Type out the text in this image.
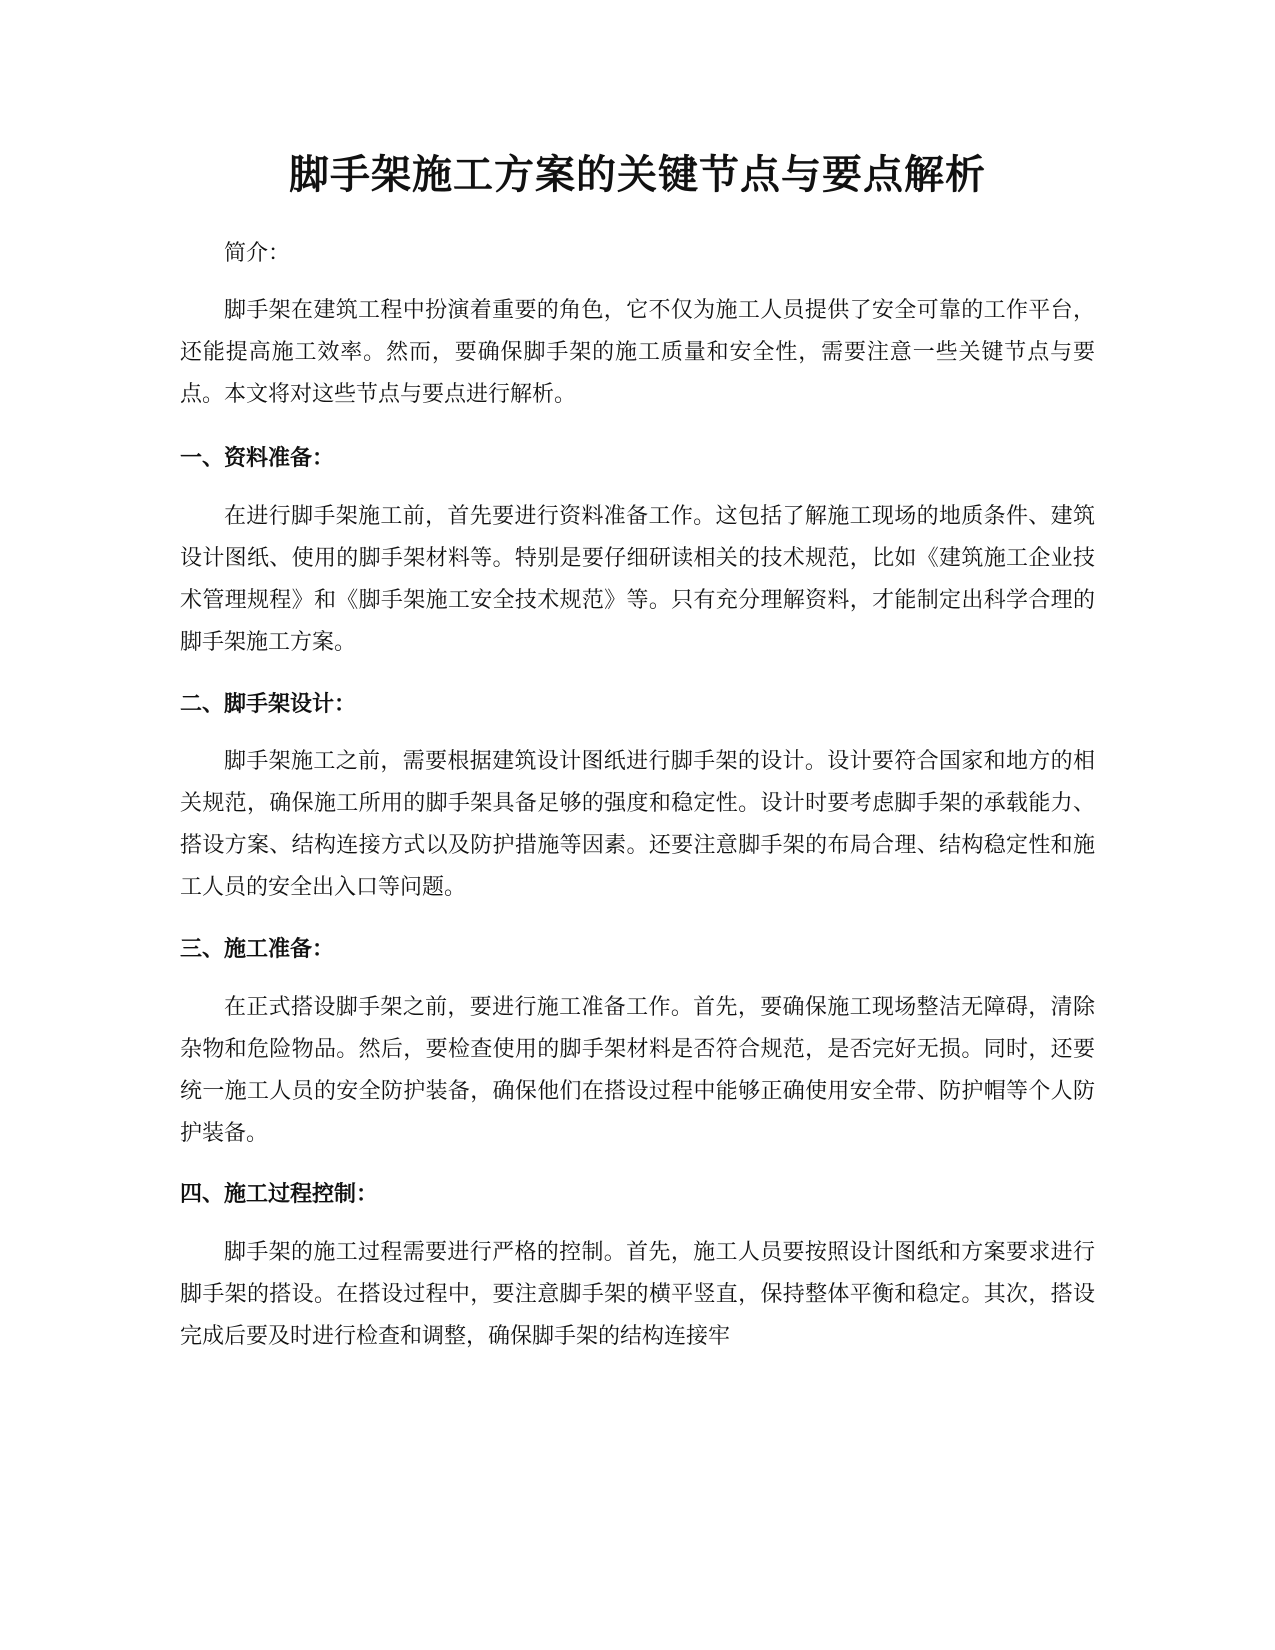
脚手架施工方案的关键节点与要点解析

简介：

脚手架在建筑工程中扮演着重要的角色，它不仅为施工人员提供了安全可靠的工作平台，还能提高施工效率。然而，要确保脚手架的施工质量和安全性，需要注意一些关键节点与要点。本文将对这些节点与要点进行解析。

一、资料准备：

在进行脚手架施工前，首先要进行资料准备工作。这包括了解施工现场的地质条件、建筑设计图纸、使用的脚手架材料等。特别是要仔细研读相关的技术规范，比如《建筑施工企业技术管理规程》和《脚手架施工安全技术规范》等。只有充分理解资料，才能制定出科学合理的脚手架施工方案。

二、脚手架设计：

脚手架施工之前，需要根据建筑设计图纸进行脚手架的设计。设计要符合国家和地方的相关规范，确保施工所用的脚手架具备足够的强度和稳定性。设计时要考虑脚手架的承载能力、搭设方案、结构连接方式以及防护措施等因素。还要注意脚手架的布局合理、结构稳定性和施工人员的安全出入口等问题。

三、施工准备：

在正式搭设脚手架之前，要进行施工准备工作。首先，要确保施工现场整洁无障碍，清除杂物和危险物品。然后，要检查使用的脚手架材料是否符合规范，是否完好无损。同时，还要统一施工人员的安全防护装备，确保他们在搭设过程中能够正确使用安全带、防护帽等个人防护装备。

四、施工过程控制：

脚手架的施工过程需要进行严格的控制。首先，施工人员要按照设计图纸和方案要求进行脚手架的搭设。在搭设过程中，要注意脚手架的横平竖直，保持整体平衡和稳定。其次，搭设完成后要及时进行检查和调整，确保脚手架的结构连接牢
